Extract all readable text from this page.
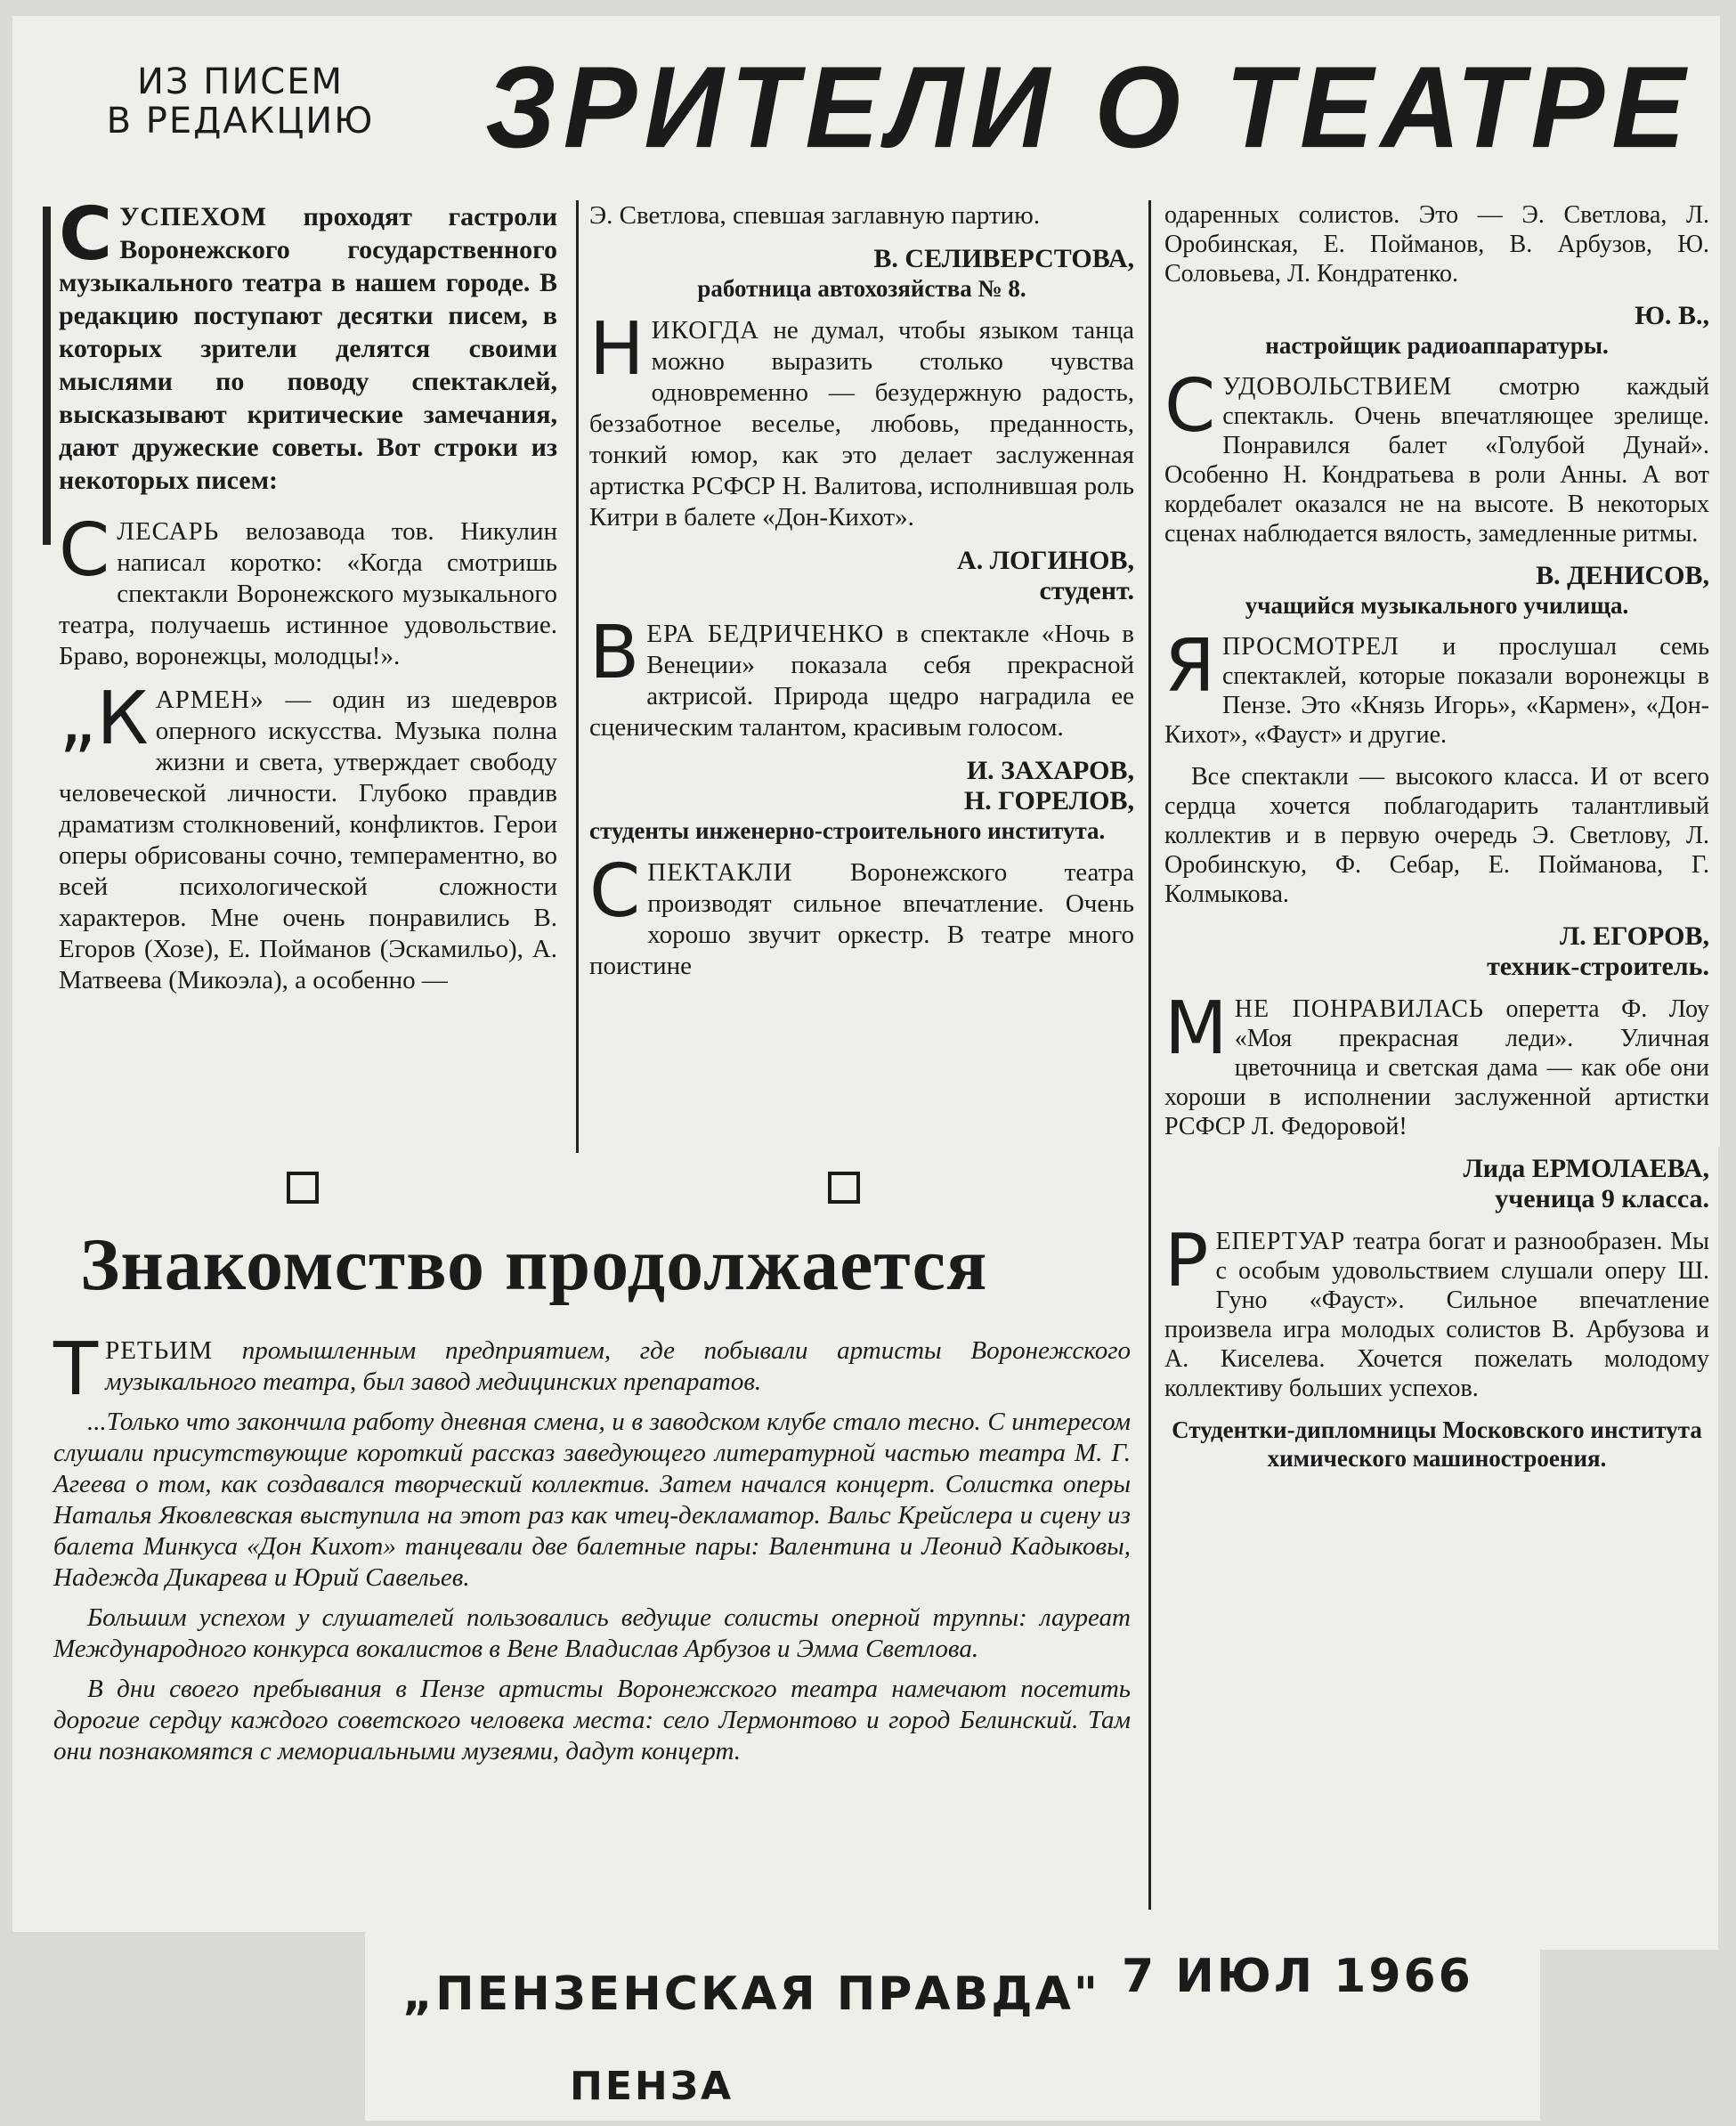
ИЗ ПИСЕМ
В РЕДАКЦИЮ ЗРИТЕЛИ О ТЕАТРЕ

С УСПЕХОМ проходят гастроли Воронежского государственного музыкального театра в нашем городе. В редакцию поступают десятки писем, в которых зрители делятся своими мыслями по поводу спектаклей, высказывают критические замечания, дают дружеские советы. Вот строки из некоторых писем:

С ЛЕСАРЬ велозавода тов. Никулин написал коротко: «Когда смотришь спектакли Воронежского музыкального театра, получаешь истинное удовольствие. Браво, воронежцы, молодцы!».

„К АРМЕН» — один из шедевров оперного искусства. Музыка полна жизни и света, утверждает свободу человеческой личности. Глубоко правдив драматизм столкновений, конфликтов. Герои оперы обрисованы сочно, темпераментно, во всей психологической сложности характеров. Мне очень понравились В. Егоров (Хозе), Е. Пойманов (Эскамильо), А. Матвеева (Микоэла), а особенно —

Э. Светлова, спевшая заглавную партию.

В. СЕЛИВЕРСТОВА,
работница автохозяйства № 8.

Н ИКОГДА не думал, чтобы языком танца можно выразить столько чувства одновременно — безудержную радость, беззаботное веселье, любовь, преданность, тонкий юмор, как это делает заслуженная артистка РСФСР Н. Валитова, исполнившая роль Китри в балете «Дон-Кихот».

А. ЛОГИНОВ,
студент.

В ЕРА БЕДРИЧЕНКО в спектакле «Ночь в Венеции» показала себя прекрасной актрисой. Природа щедро наградила ее сценическим талантом, красивым голосом.

И. ЗАХАРОВ,
Н. ГОРЕЛОВ,
студенты инженерно-строительного института.

С ПЕКТАКЛИ Воронежского театра производят сильное впечатление. Очень хорошо звучит оркестр. В театре много поистине

одаренных солистов. Это — Э. Светлова, Л. Оробинская, Е. Пойманов, В. Арбузов, Ю. Соловьева, Л. Кондратенко.

Ю. В.,
настройщик радиоаппаратуры.

С УДОВОЛЬСТВИЕМ смотрю каждый спектакль. Очень впечатляющее зрелище. Понравился балет «Голубой Дунай». Особенно Н. Кондратьева в роли Анны. А вот кордебалет оказался не на высоте. В некоторых сценах наблюдается вялость, замедленные ритмы.

В. ДЕНИСОВ,
учащийся музыкального училища.

Я ПРОСМОТРЕЛ и прослушал семь спектаклей, которые показали воронежцы в Пензе. Это «Князь Игорь», «Кармен», «Дон-Кихот», «Фауст» и другие.

Все спектакли — высокого класса. И от всего сердца хочется поблагодарить талантливый коллектив и в первую очередь Э. Светлову, Л. Оробинскую, Ф. Себар, Е. Пойманова, Г. Колмыкова.

Л. ЕГОРОВ,
техник-строитель.

М НЕ ПОНРАВИЛАСЬ оперетта Ф. Лоу «Моя прекрасная леди». Уличная цветочница и светская дама — как обе они хороши в исполнении заслуженной артистки РСФСР Л. Федоровой!

Лида ЕРМОЛАЕВА,
ученица 9 класса.

Р ЕПЕРТУАР театра богат и разнообразен. Мы с особым удовольствием слушали оперу Ш. Гуно «Фауст». Сильное впечатление произвела игра молодых солистов В. Арбузова и А. Киселева. Хочется пожелать молодому коллективу больших успехов.

Студентки-дипломницы Московского института химического машиностроения.
Знакомство продолжается

Т РЕТЬИМ промышленным предприятием, где побывали артисты Воронежского музыкального театра, был завод медицинских препаратов.

...Только что закончила работу дневная смена, и в заводском клубе стало тесно. С интересом слушали присутствующие короткий рассказ заведующего литературной частью театра М. Г. Агеева о том, как создавался творческий коллектив. Затем начался концерт. Солистка оперы Наталья Яковлевская выступила на этот раз как чтец-декламатор. Вальс Крейслера и сцену из балета Минкуса «Дон Кихот» танцевали две балетные пары: Валентина и Леонид Кадыковы, Надежда Дикарева и Юрий Савельев.

Большим успехом у слушателей пользовались ведущие солисты оперной труппы: лауреат Международного конкурса вокалистов в Вене Владислав Арбузов и Эмма Светлова.

В дни своего пребывания в Пензе артисты Воронежского театра намечают посетить дорогие сердцу каждого советского человека места: село Лермонтово и город Белинский. Там они познакомятся с мемориальными музеями, дадут концерт.

„ПЕНЗЕНСКАЯ ПРАВДА" 7 ИЮЛ 1966
ПЕНЗА
